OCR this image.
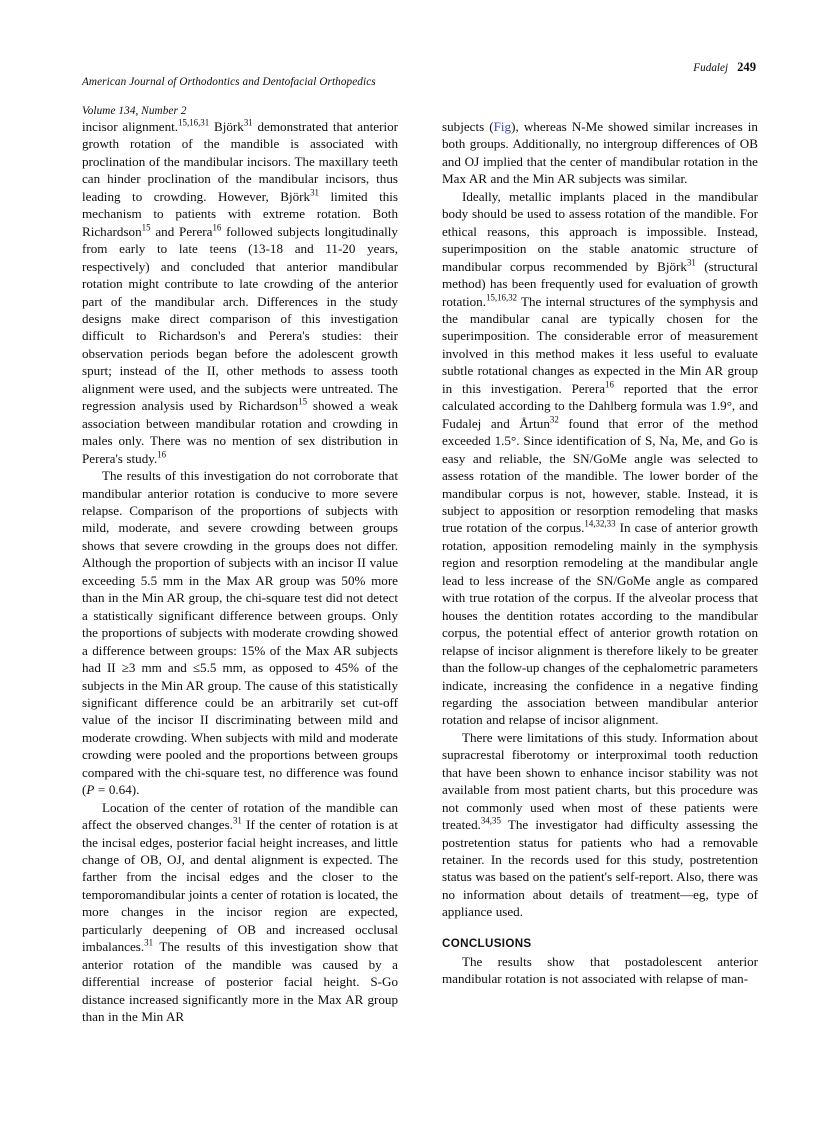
American Journal of Orthodontics and Dentofacial Orthopedics

Volume 134, Number 2

Fudalej 249

incisor alignment.$^{15,16,31}$ Björk$^{31}$ demonstrated that anterior growth rotation of the mandible is associated with proclination of the mandibular incisors. The maxillary teeth can hinder proclination of the mandibular incisors, thus leading to crowding. However, Björk$^{31}$ limited this mechanism to patients with extreme rotation. Both Richardson$^{15}$ and Perera$^{16}$ followed subjects longitudinally from early to late teens (13-18 and 11-20 years, respectively) and concluded that anterior mandibular rotation might contribute to late crowding of the anterior part of the mandibular arch. Differences in the study designs make direct comparison of this investigation difficult to Richardson's and Perera's studies: their observation periods began before the adolescent growth spurt; instead of the II, other methods to assess tooth alignment were used, and the subjects were untreated. The regression analysis used by Richardson$^{15}$ showed a weak association between mandibular rotation and crowding in males only. There was no mention of sex distribution in Perera's study.$^{16}$

The results of this investigation do not corroborate that mandibular anterior rotation is conducive to more severe relapse. Comparison of the proportions of subjects with mild, moderate, and severe crowding between groups shows that severe crowding in the groups does not differ. Although the proportion of subjects with an incisor II value exceeding 5.5 mm in the Max AR group was 50% more than in the Min AR group, the chi-square test did not detect a statistically significant difference between groups. Only the proportions of subjects with moderate crowding showed a difference between groups: 15% of the Max AR subjects had II ≥3 mm and ≤5.5 mm, as opposed to 45% of the subjects in the Min AR group. The cause of this statistically significant difference could be an arbitrarily set cut-off value of the incisor II discriminating between mild and moderate crowding. When subjects with mild and moderate crowding were pooled and the proportions between groups compared with the chi-square test, no difference was found (P = 0.64).

Location of the center of rotation of the mandible can affect the observed changes.$^{31}$ If the center of rotation is at the incisal edges, posterior facial height increases, and little change of OB, OJ, and dental alignment is expected. The farther from the incisal edges and the closer to the temporomandibular joints a center of rotation is located, the more changes in the incisor region are expected, particularly deepening of OB and increased occlusal imbalances.$^{31}$ The results of this investigation show that anterior rotation of the mandible was caused by a differential increase of posterior facial height. S-Go distance increased significantly more in the Max AR group than in the Min AR

subjects (Fig), whereas N-Me showed similar increases in both groups. Additionally, no intergroup differences of OB and OJ implied that the center of mandibular rotation in the Max AR and the Min AR subjects was similar.

Ideally, metallic implants placed in the mandibular body should be used to assess rotation of the mandible. For ethical reasons, this approach is impossible. Instead, superimposition on the stable anatomic structure of mandibular corpus recommended by Björk$^{31}$ (structural method) has been frequently used for evaluation of growth rotation.$^{15,16,32}$ The internal structures of the symphysis and the mandibular canal are typically chosen for the superimposition. The considerable error of measurement involved in this method makes it less useful to evaluate subtle rotational changes as expected in the Min AR group in this investigation. Perera$^{16}$ reported that the error calculated according to the Dahlberg formula was 1.9°, and Fudalej and Årtun$^{32}$ found that error of the method exceeded 1.5°. Since identification of S, Na, Me, and Go is easy and reliable, the SN/GoMe angle was selected to assess rotation of the mandible. The lower border of the mandibular corpus is not, however, stable. Instead, it is subject to apposition or resorption remodeling that masks true rotation of the corpus.$^{14,32,33}$ In case of anterior growth rotation, apposition remodeling mainly in the symphysis region and resorption remodeling at the mandibular angle lead to less increase of the SN/GoMe angle as compared with true rotation of the corpus. If the alveolar process that houses the dentition rotates according to the mandibular corpus, the potential effect of anterior growth rotation on relapse of incisor alignment is therefore likely to be greater than the follow-up changes of the cephalometric parameters indicate, increasing the confidence in a negative finding regarding the association between mandibular anterior rotation and relapse of incisor alignment.

There were limitations of this study. Information about supracrestal fiberotomy or interproximal tooth reduction that have been shown to enhance incisor stability was not available from most patient charts, but this procedure was not commonly used when most of these patients were treated.$^{34,35}$ The investigator had difficulty assessing the postretention status for patients who had a removable retainer. In the records used for this study, postretention status was based on the patient's self-report. Also, there was no information about details of treatment—eg, type of appliance used.

CONCLUSIONS

The results show that postadolescent anterior mandibular rotation is not associated with relapse of man-
